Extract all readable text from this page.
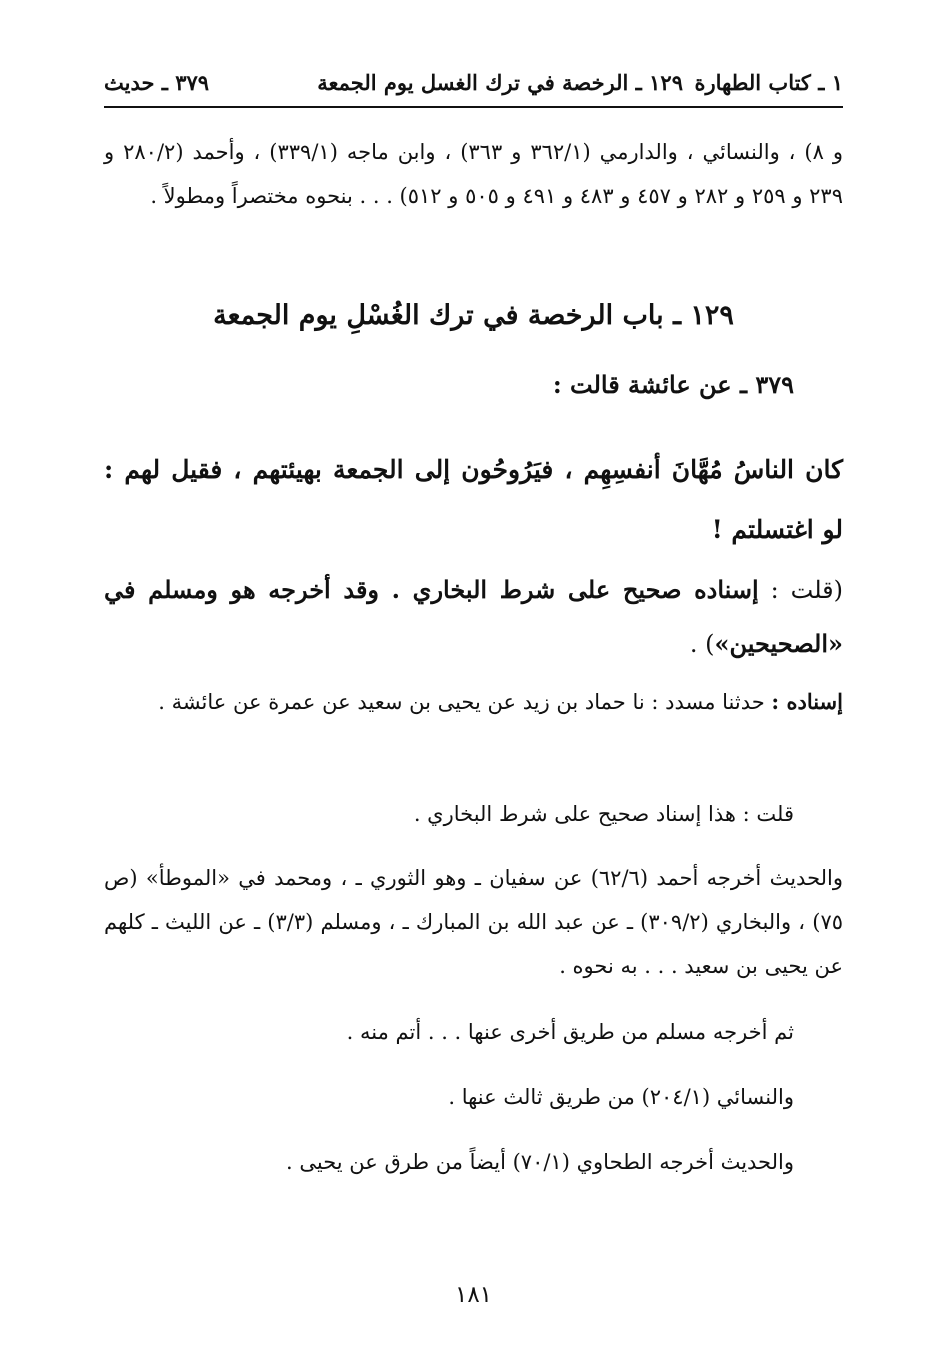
١ ـ كتاب الطهارة
١٢٩ ـ الرخصة في ترك الغسل يوم الجمعة
٣٧٩ ـ حديث
و ٨) ، والنسائي ، والدارمي (٣٦٢/١ و ٣٦٣) ، وابن ماجه (٣٣٩/١) ، وأحمد (٢٨٠/٢ و ٢٣٩ و ٢٥٩ و ٢٨٢ و ٤٥٧ و ٤٨٣ و ٤٩١ و ٥٠٥ و ٥١٢) . . . بنحوه مختصراً ومطولاً .
١٢٩ ـ باب الرخصة في ترك الغُسْلِ يوم الجمعة
٣٧٩ ـ عن عائشة قالت :
كان الناسُ مُهَّانَ أنفسِهِم ، فيَرُوحُون إلى الجمعة بهيئتهم ، فقيل لهم : لو اغتسلتم !
(قلت : إسناده صحيح على شرط البخاري . وقد أخرجه هو ومسلم في «الصحيحين») .
إسناده : حدثنا مسدد : نا حماد بن زيد عن يحيى بن سعيد عن عمرة عن عائشة .
قلت : هذا إسناد صحيح على شرط البخاري .
والحديث أخرجه أحمد (٦٢/٦) عن سفيان ـ وهو الثوري ـ ، ومحمد في «الموطأ» (ص ٧٥) ، والبخاري (٣٠٩/٢) ـ عن عبد الله بن المبارك ـ ، ومسلم (٣/٣) ـ عن الليث ـ كلهم عن يحيى بن سعيد . . . به نحوه .
ثم أخرجه مسلم من طريق أخرى عنها . . . أتم منه .
والنسائي (٢٠٤/١) من طريق ثالث عنها .
والحديث أخرجه الطحاوي (٧٠/١) أيضاً من طرق عن يحيى .
١٨١
